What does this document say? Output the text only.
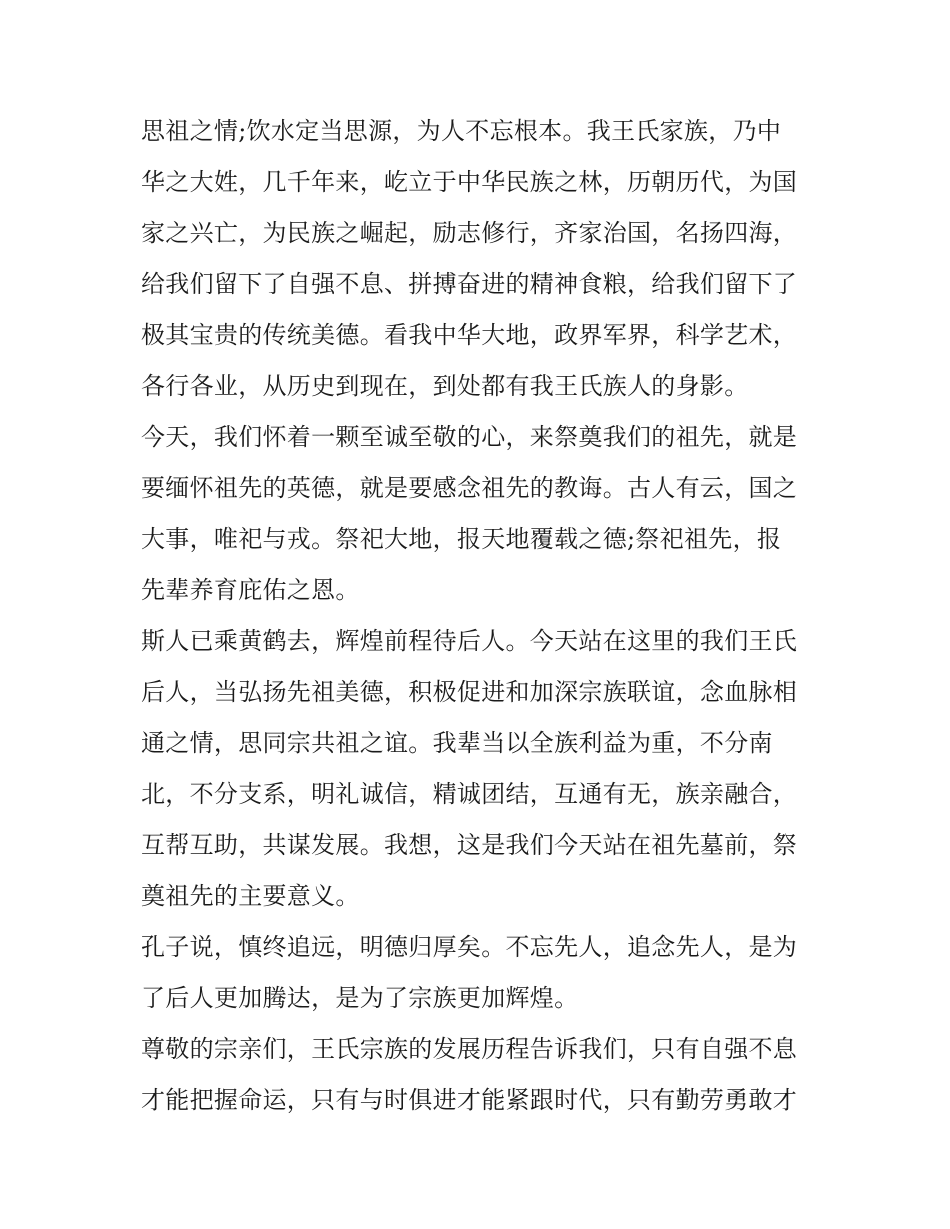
思祖之情;饮水定当思源，为人不忘根本。我王氏家族，乃中
华之大姓，几千年来，屹立于中华民族之林，历朝历代，为国
家之兴亡，为民族之崛起，励志修行，齐家治国，名扬四海，
给我们留下了自强不息、拼搏奋进的精神食粮，给我们留下了
极其宝贵的传统美德。看我中华大地，政界军界，科学艺术，
各行各业，从历史到现在，到处都有我王氏族人的身影。
今天，我们怀着一颗至诚至敬的心，来祭奠我们的祖先，就是
要缅怀祖先的英德，就是要感念祖先的教诲。古人有云，国之
大事，唯祀与戎。祭祀大地，报天地覆载之德;祭祀祖先，报
先辈养育庇佑之恩。
斯人已乘黄鹤去，辉煌前程待后人。今天站在这里的我们王氏
后人，当弘扬先祖美德，积极促进和加深宗族联谊，念血脉相
通之情，思同宗共祖之谊。我辈当以全族利益为重，不分南
北，不分支系，明礼诚信，精诚团结，互通有无，族亲融合，
互帮互助，共谋发展。我想，这是我们今天站在祖先墓前，祭
奠祖先的主要意义。
孔子说，慎终追远，明德归厚矣。不忘先人，追念先人，是为
了后人更加腾达，是为了宗族更加辉煌。
尊敬的宗亲们，王氏宗族的发展历程告诉我们，只有自强不息
才能把握命运，只有与时俱进才能紧跟时代，只有勤劳勇敢才
